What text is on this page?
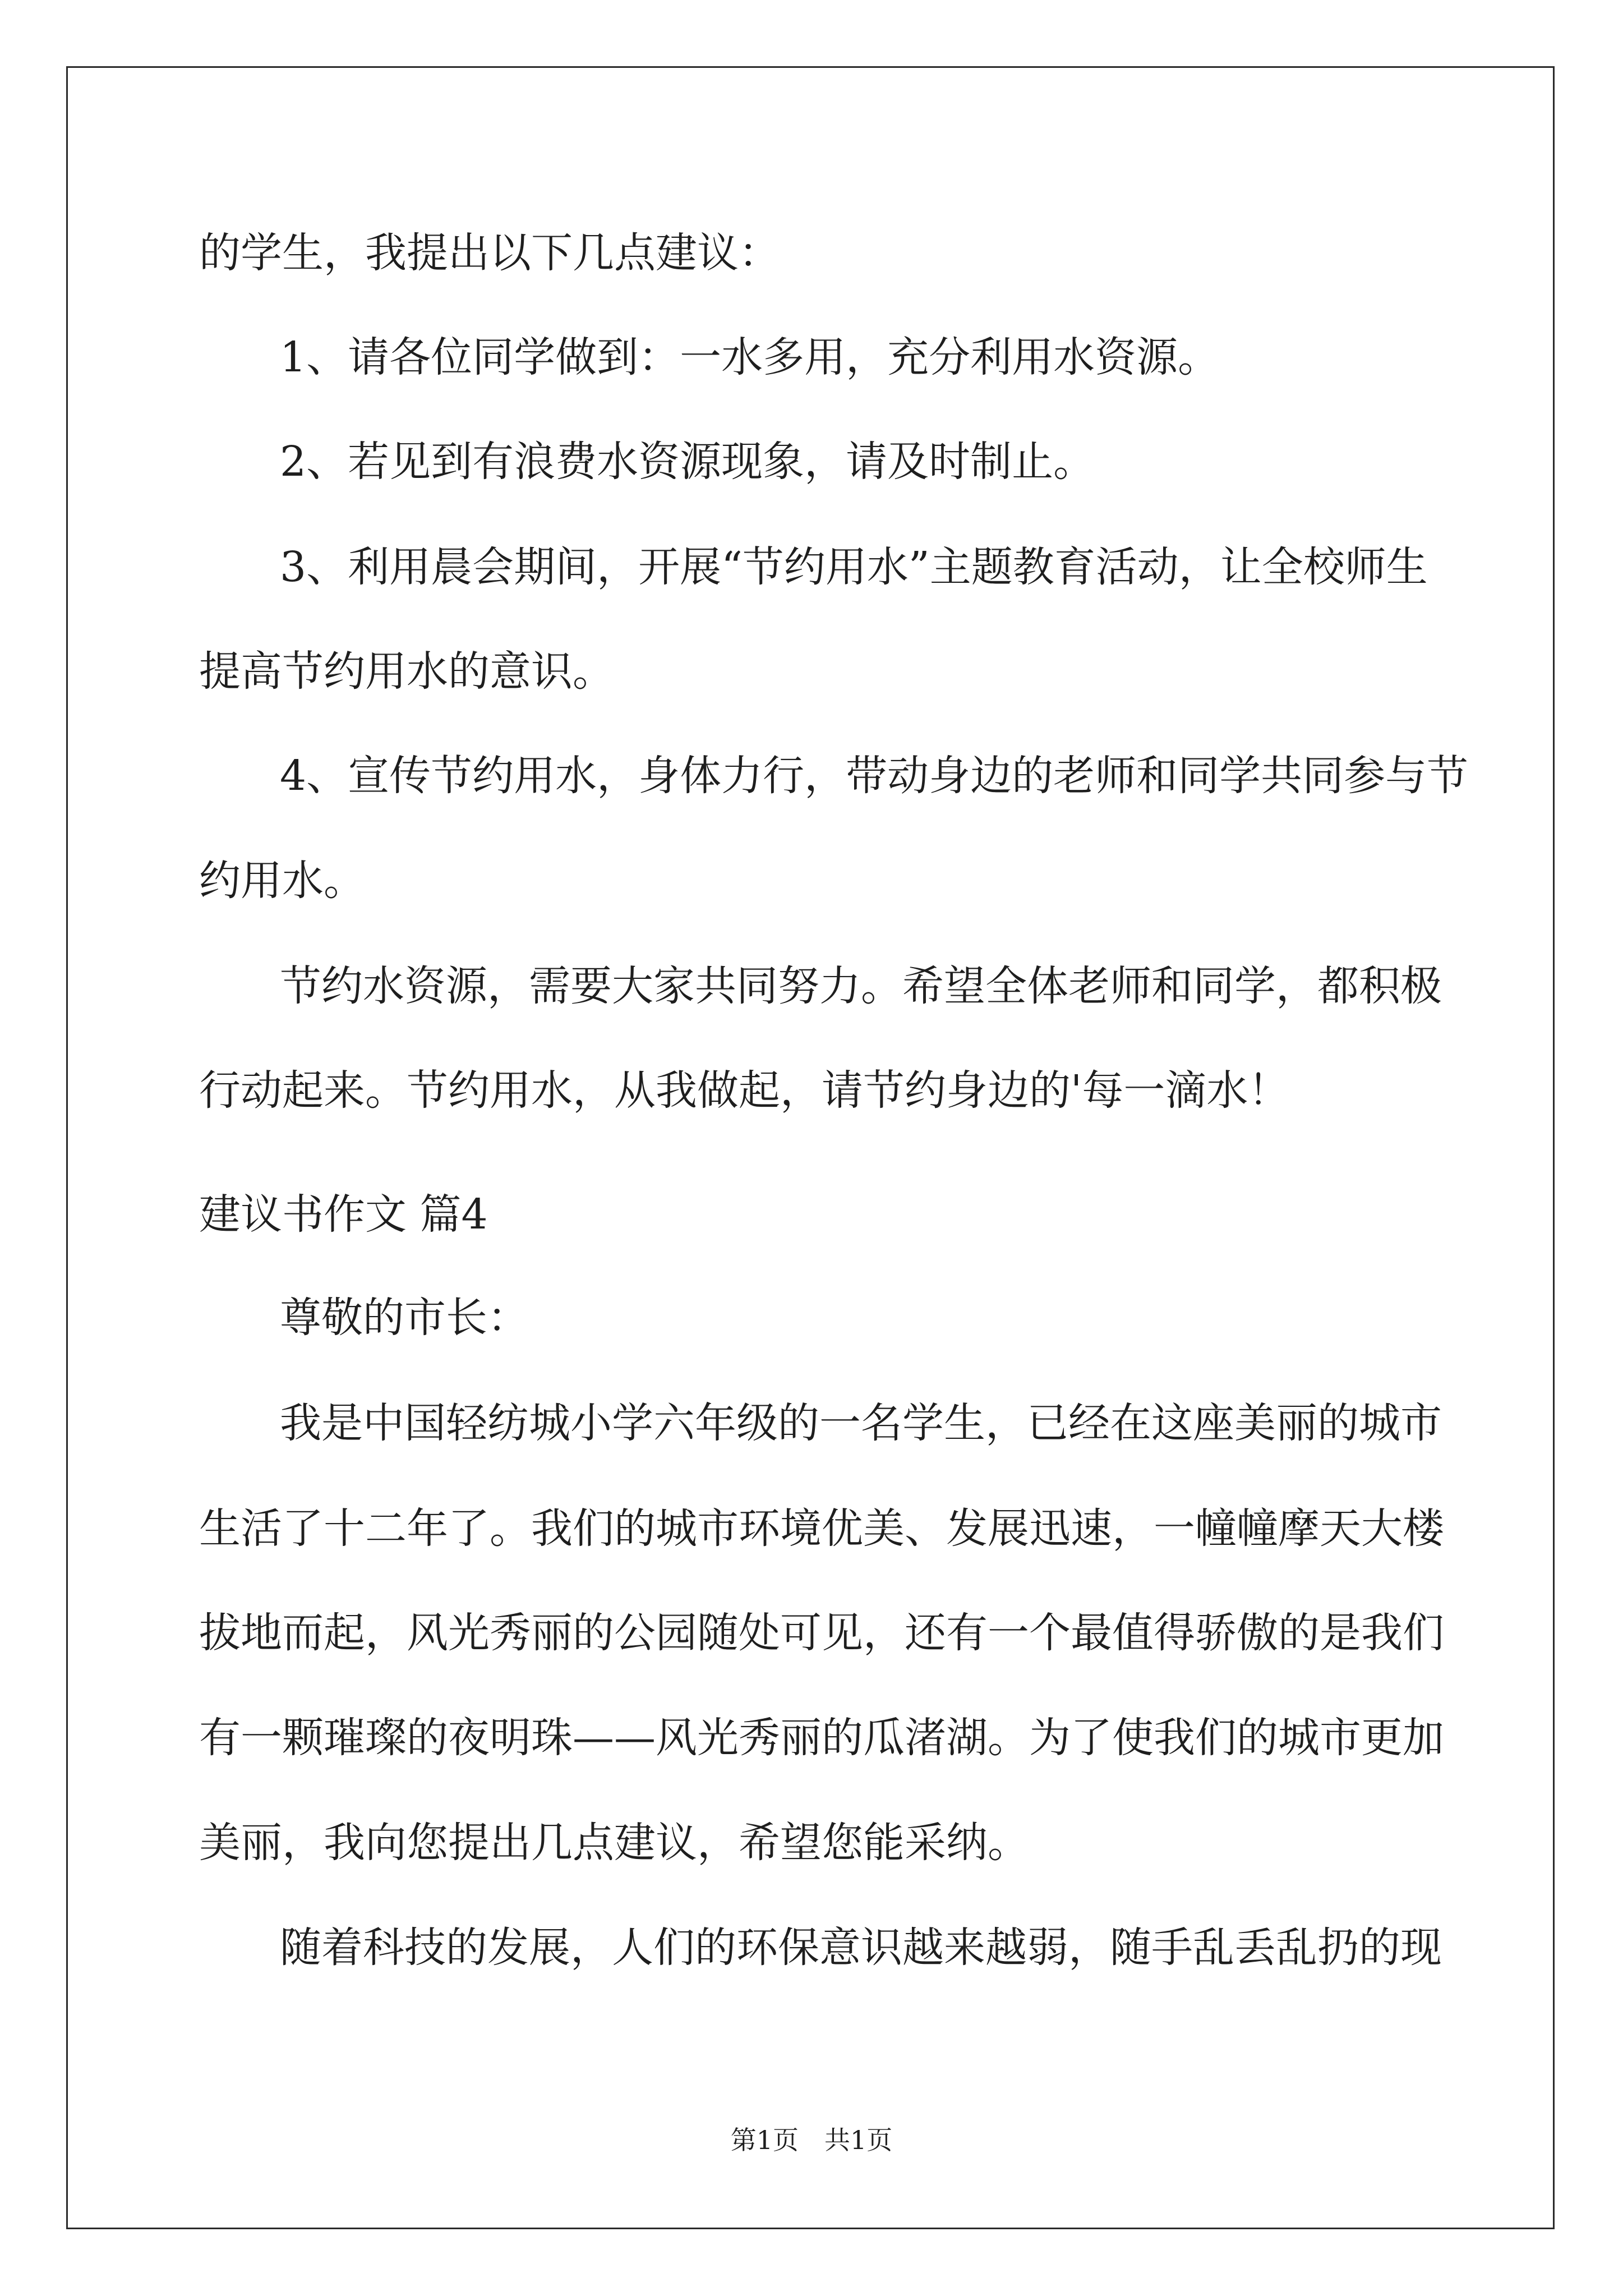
的学生，我提出以下几点建议：

1、请各位同学做到：一水多用，充分利用水资源。

2、若见到有浪费水资源现象，请及时制止。

3、利用晨会期间，开展“节约用水”主题教育活动，让全校师生

提高节约用水的意识。

4、宣传节约用水，身体力行，带动身边的老师和同学共同参与节

约用水。

节约水资源，需要大家共同努力。希望全体老师和同学，都积极

行动起来。节约用水，从我做起，请节约身边的'每一滴水！

建议书作文 篇4

尊敬的市长：

我是中国轻纺城小学六年级的一名学生，已经在这座美丽的城市

生活了十二年了。我们的城市环境优美、发展迅速，一幢幢摩天大楼

拔地而起，风光秀丽的公园随处可见，还有一个最值得骄傲的是我们

有一颗璀璨的夜明珠——风光秀丽的瓜渚湖。为了使我们的城市更加

美丽，我向您提出几点建议，希望您能采纳。

随着科技的发展，人们的环保意识越来越弱，随手乱丢乱扔的现

第1页 共1页
